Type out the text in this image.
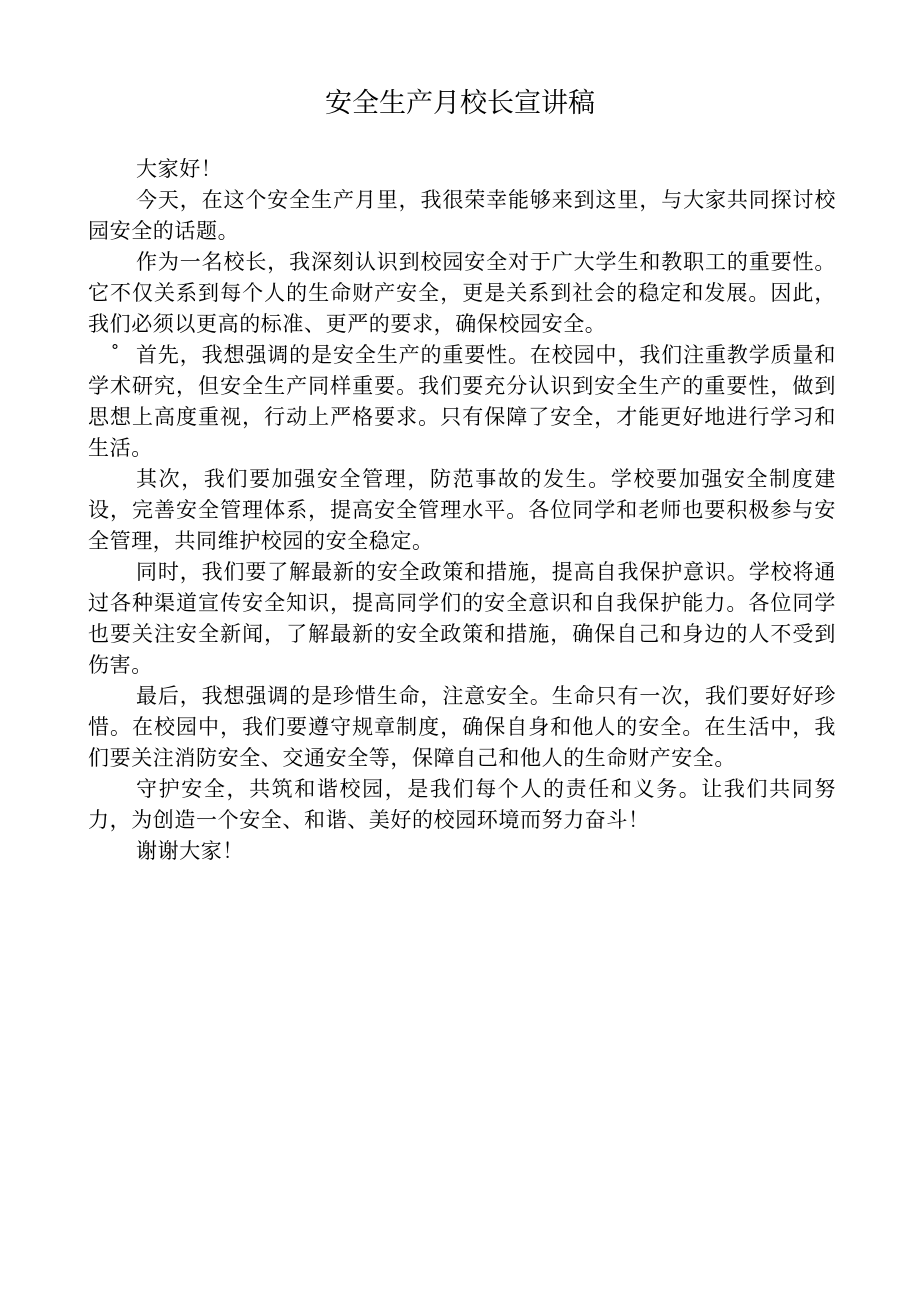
安全生产月校长宣讲稿

大家好！

今天，在这个安全生产月里，我很荣幸能够来到这里，与大家共同探讨校园安全的话题。

作为一名校长，我深刻认识到校园安全对于广大学生和教职工的重要性。它不仅关系到每个人的生命财产安全，更是关系到社会的稳定和发展。因此，我们必须以更高的标准、更严的要求，确保校园安全。

° 首先，我想强调的是安全生产的重要性。在校园中，我们注重教学质量和学术研究，但安全生产同样重要。我们要充分认识到安全生产的重要性，做到思想上高度重视，行动上严格要求。只有保障了安全，才能更好地进行学习和生活。

其次，我们要加强安全管理，防范事故的发生。学校要加强安全制度建设，完善安全管理体系，提高安全管理水平。各位同学和老师也要积极参与安全管理，共同维护校园的安全稳定。

同时，我们要了解最新的安全政策和措施，提高自我保护意识。学校将通过各种渠道宣传安全知识，提高同学们的安全意识和自我保护能力。各位同学也要关注安全新闻，了解最新的安全政策和措施，确保自己和身边的人不受到伤害。

最后，我想强调的是珍惜生命，注意安全。生命只有一次，我们要好好珍惜。在校园中，我们要遵守规章制度，确保自身和他人的安全。在生活中，我们要关注消防安全、交通安全等，保障自己和他人的生命财产安全。

守护安全，共筑和谐校园，是我们每个人的责任和义务。让我们共同努力，为创造一个安全、和谐、美好的校园环境而努力奋斗！

谢谢大家！
